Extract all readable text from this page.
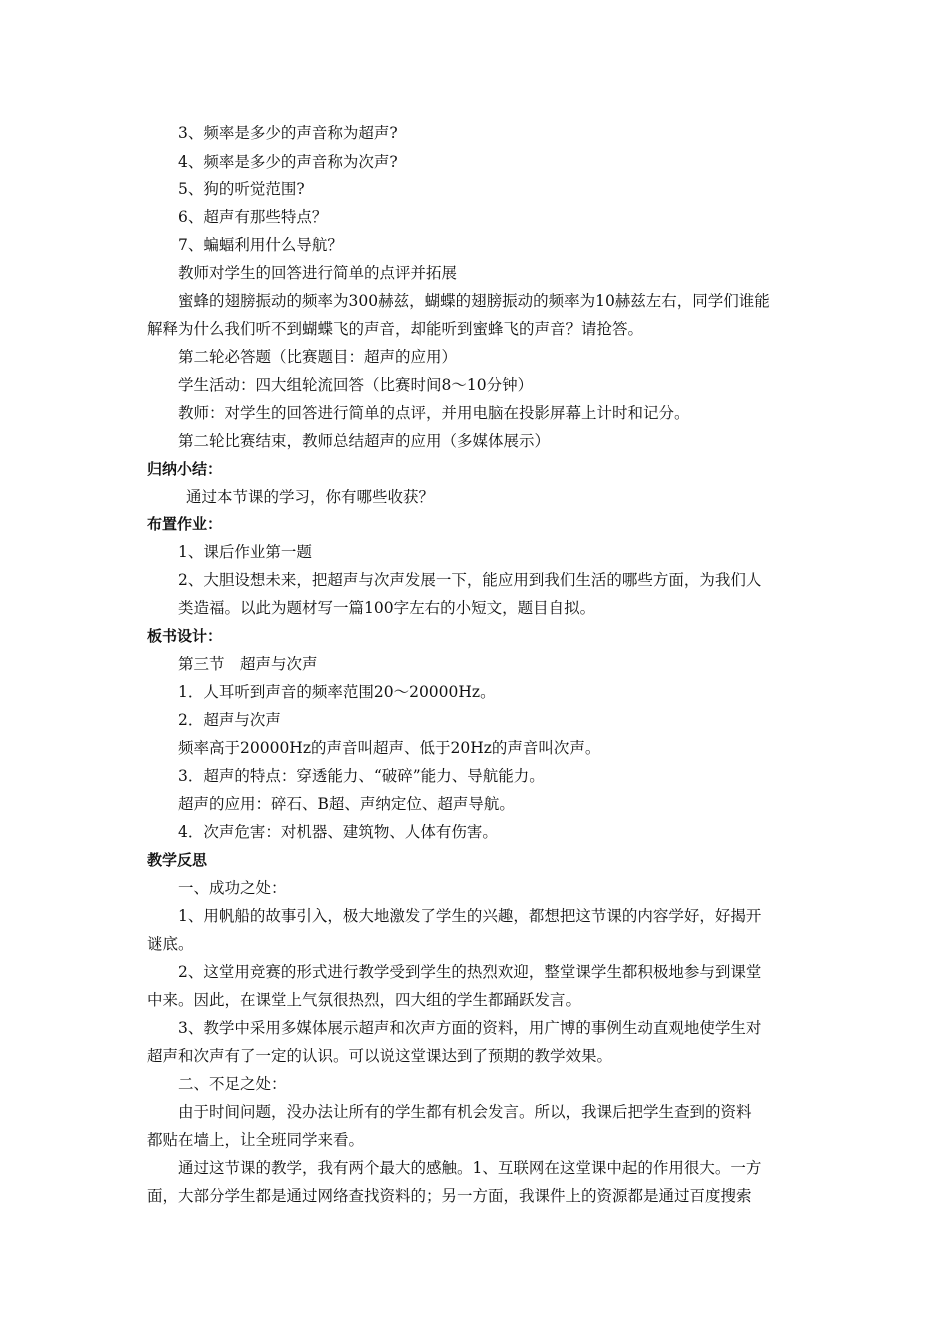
3、频率是多少的声音称为超声?
4、频率是多少的声音称为次声?
5、狗的听觉范围?
6、超声有那些特点？
7、蝙蝠利用什么导航？
教师对学生的回答进行简单的点评并拓展
蜜蜂的翅膀振动的频率为300赫兹，蝴蝶的翅膀振动的频率为10赫兹左右，同学们谁能
解释为什么我们听不到蝴蝶飞的声音，却能听到蜜蜂飞的声音？请抢答。
第二轮必答题（比赛题目：超声的应用）
学生活动：四大组轮流回答（比赛时间8～10分钟）
教师：对学生的回答进行简单的点评，并用电脑在投影屏幕上计时和记分。
第二轮比赛结束，教师总结超声的应用（多媒体展示）
归纳小结：
通过本节课的学习，你有哪些收获？
布置作业：
1、课后作业第一题
2、大胆设想未来，把超声与次声发展一下，能应用到我们生活的哪些方面，为我们人
类造福。以此为题材写一篇100字左右的小短文，题目自拟。
板书设计：
第三节　超声与次声
1．人耳听到声音的频率范围20～20000Hz。
2．超声与次声
频率高于20000Hz的声音叫超声、低于20Hz的声音叫次声。
3．超声的特点：穿透能力、“破碎”能力、导航能力。
超声的应用：碎石、B超、声纳定位、超声导航。
4．次声危害：对机器、建筑物、人体有伤害。
教学反思
一、成功之处：
1、用帆船的故事引入，极大地激发了学生的兴趣，都想把这节课的内容学好，好揭开
谜底。
2、这堂用竞赛的形式进行教学受到学生的热烈欢迎，整堂课学生都积极地参与到课堂
中来。因此，在课堂上气氛很热烈，四大组的学生都踊跃发言。
3、教学中采用多媒体展示超声和次声方面的资料，用广博的事例生动直观地使学生对
超声和次声有了一定的认识。可以说这堂课达到了预期的教学效果。
二、不足之处：
由于时间问题，没办法让所有的学生都有机会发言。所以，我课后把学生查到的资料
都贴在墙上，让全班同学来看。
通过这节课的教学，我有两个最大的感触。1、互联网在这堂课中起的作用很大。一方
面，大部分学生都是通过网络查找资料的；另一方面，我课件上的资源都是通过百度搜索
